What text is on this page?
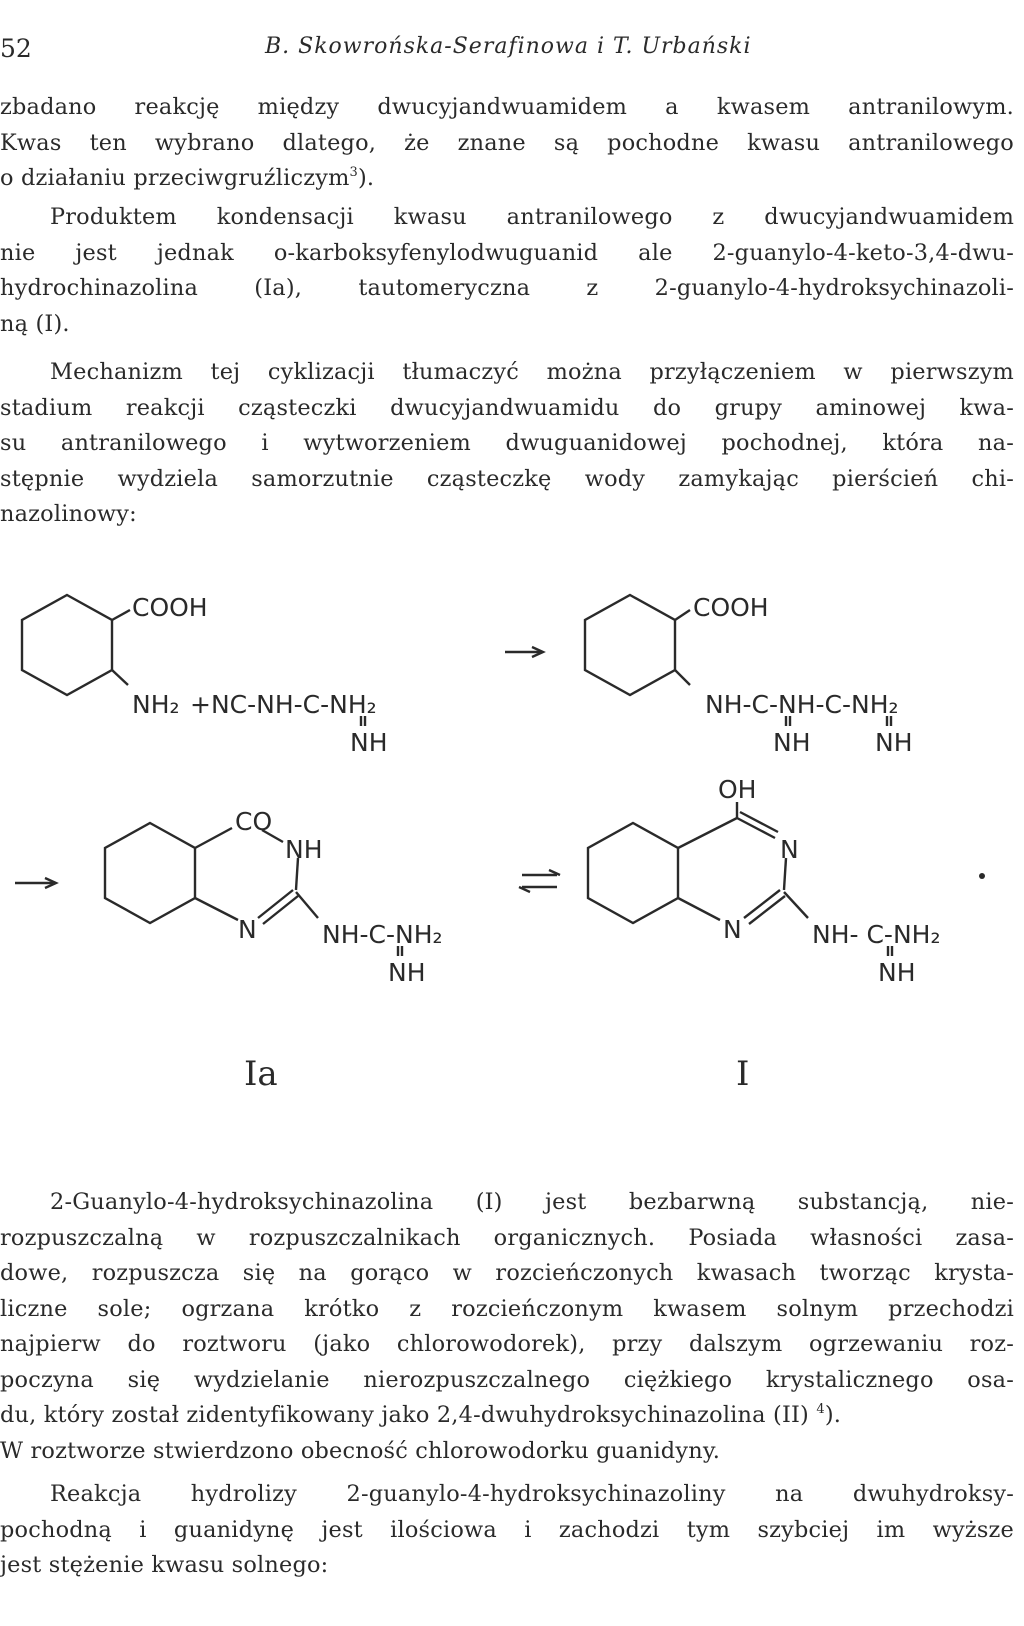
52	B. Skowrońska-Serafinowa i T. Urbański

zbadano reakcję między dwucyjandwuamidem a kwasem antranilowym.
Kwas ten wybrano dlatego, że znane są pochodne kwasu antranilowego
o działaniu przeciwgruźliczym$^3$).

Produktem kondensacji kwasu antranilowego z dwucyjandwuamidem
nie jest jednak o-karboksyfenylodwuguanid ale 2-guanylo-4-keto-3,4-dwu-
hydrochinazolina (Ia), tautomeryczna z 2-guanylo-4-hydroksychinazoli-
ną (I).

Mechanizm tej cyklizacji tłumaczyć można przyłączeniem w pierwszym
stadium reakcji cząsteczki dwucyjandwuamidu do grupy aminowej kwa-
su antranilowego i wytworzeniem dwuguanidowej pochodnej, która na-
stępnie wydziela samorzutnie cząsteczkę wody zamykając pierścień chi-
nazolinowy:

COOH
NH₂ +NC-NH-C-NH₂
NH
COOH
NH-C-NH-C-NH₂
NH	NH
CO
NH
N	NH-C-NH₂
NH
OH
N
N	NH- C-NH₂
NH
Ia	I

2-Guanylo-4-hydroksychinazolina (I) jest bezbarwną substancją, nie-
rozpuszczalną w rozpuszczalnikach organicznych. Posiada własności zasa-
dowe, rozpuszcza się na gorąco w rozcieńczonych kwasach tworząc krysta-
liczne sole; ogrzana krótko z rozcieńczonym kwasem solnym przechodzi
najpierw do roztworu (jako chlorowodorek), przy dalszym ogrzewaniu roz-
poczyna się wydzielanie nierozpuszczalnego ciężkiego krystalicznego osa-
du, który został zidentyfikowany jako 2,4-dwuhydroksychinazolina (II) $^4$).
W roztworze stwierdzono obecność chlorowodorku guanidyny.

Reakcja hydrolizy 2-guanylo-4-hydroksychinazoliny na dwuhydroksy-
pochodną i guanidynę jest ilościowa i zachodzi tym szybciej im wyższe
jest stężenie kwasu solnego:
